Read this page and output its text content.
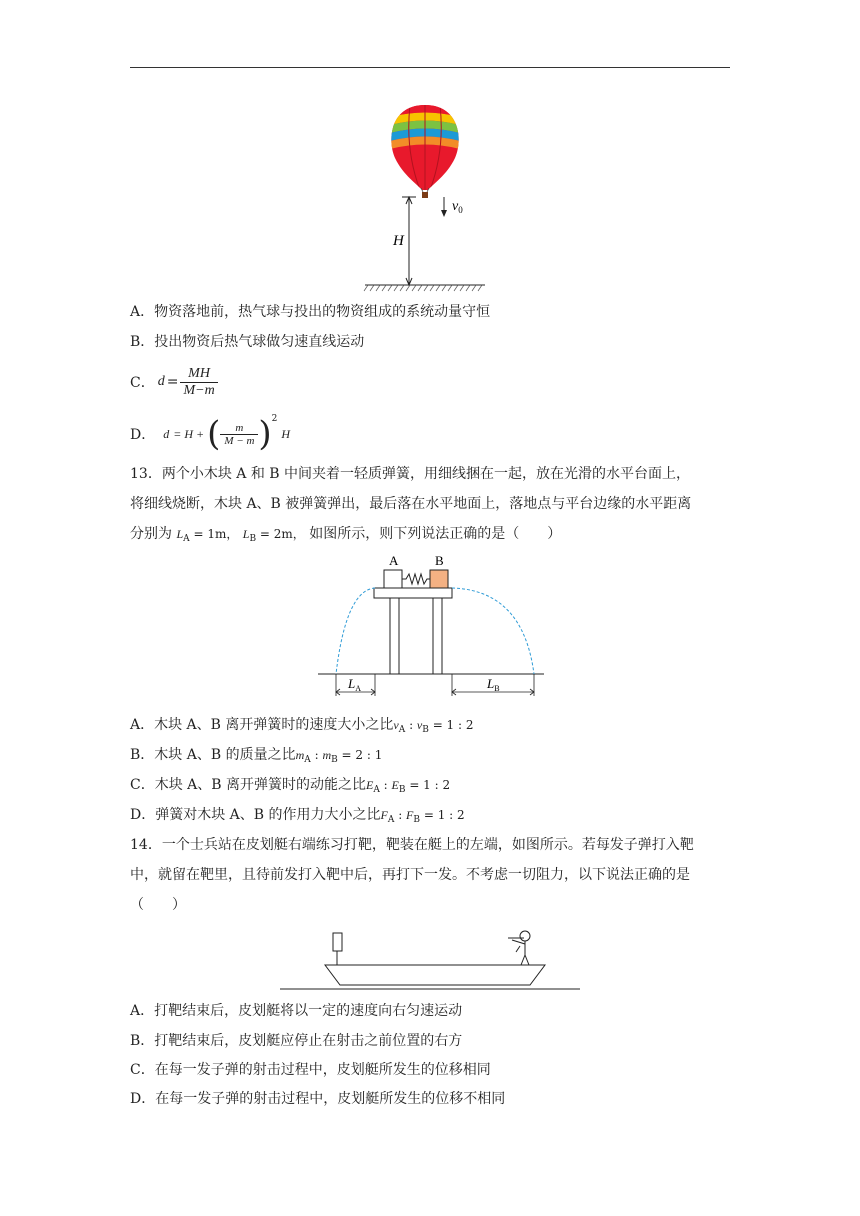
H
$v_0$
A．物资落地前，热气球与投出的物资组成的系统动量守恒
B．投出物资后热气球做匀速直线运动
C． $d = \frac{MH}{M-m}$
D． d = H + ( m
M − m ) 2
H
13．两个小木块 A 和 B 中间夹着一轻质弹簧，用细线捆在一起，放在光滑的水平台面上，
将细线烧断，木块 A、B 被弹簧弹出，最后落在水平地面上，落地点与平台边缘的水平距离
分别为 $L_A = 1m$， $L_B = 2m$， 如图所示，则下列说法正确的是（　　）
A	B
$L_A$	$L_B$
A．木块 A、B 离开弹簧时的速度大小之比$v_A$ : $v_B = 1$ : 2
B．木块 A、B 的质量之比$m_A$ : $m_B = 2$ : 1
C．木块 A、B 离开弹簧时的动能之比$E_A$ : $E_B = 1$ : 2
D．弹簧对木块 A、B 的作用力大小之比$F_A$ : $F_B = 1$ : 2
14．一个士兵站在皮划艇右端练习打靶，靶装在艇上的左端，如图所示。若每发子弹打入靶
中，就留在靶里，且待前发打入靶中后，再打下一发。不考虑一切阻力，以下说法正确的是
（　　）
A．打靶结束后，皮划艇将以一定的速度向右匀速运动
B．打靶结束后，皮划艇应停止在射击之前位置的右方
C．在每一发子弹的射击过程中，皮划艇所发生的位移相同
D．在每一发子弹的射击过程中，皮划艇所发生的位移不相同
